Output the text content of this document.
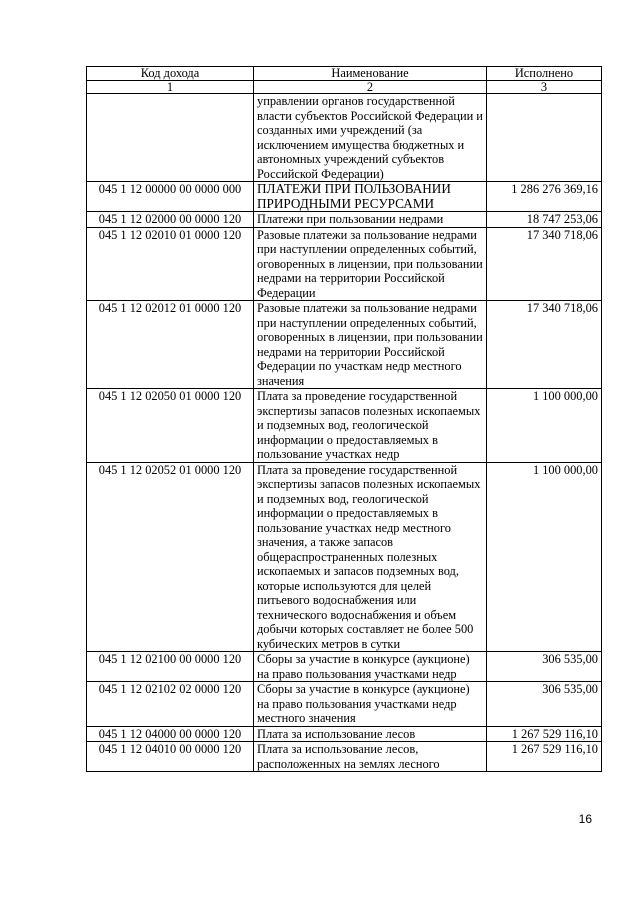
Код дохода	Наименование	Исполнено
1	2	3
	управлении органов государственной власти субъектов Российской Федерации и созданных ими учреждений (за исключением имущества бюджетных и автономных учреждений субъектов Российской Федерации)	
045 1 12 00000 00 0000 000	ПЛАТЕЖИ ПРИ ПОЛЬЗОВАНИИ ПРИРОДНЫМИ РЕСУРСАМИ	1 286 276 369,16
045 1 12 02000 00 0000 120	Платежи при пользовании недрами	18 747 253,06
045 1 12 02010 01 0000 120	Разовые платежи за пользование недрами при наступлении определенных событий, оговоренных в лицензии, при пользовании недрами на территории Российской Федерации	17 340 718,06
045 1 12 02012 01 0000 120	Разовые платежи за пользование недрами при наступлении определенных событий, оговоренных в лицензии, при пользовании недрами на территории Российской Федерации по участкам недр местного значения	17 340 718,06
045 1 12 02050 01 0000 120	Плата за проведение государственной экспертизы запасов полезных ископаемых и подземных вод, геологической информации о предоставляемых в пользование участках недр	1 100 000,00
045 1 12 02052 01 0000 120	Плата за проведение государственной экспертизы запасов полезных ископаемых и подземных вод, геологической информации о предоставляемых в пользование участках недр местного значения, а также запасов общераспространенных полезных ископаемых и запасов подземных вод, которые используются для целей питьевого водоснабжения или технического водоснабжения и объем добычи которых составляет не более 500 кубических метров в сутки	1 100 000,00
045 1 12 02100 00 0000 120	Сборы за участие в конкурсе (аукционе) на право пользования участками недр	306 535,00
045 1 12 02102 02 0000 120	Сборы за участие в конкурсе (аукционе) на право пользования участками недр местного значения	306 535,00
045 1 12 04000 00 0000 120	Плата за использование лесов	1 267 529 116,10
045 1 12 04010 00 0000 120	Плата за использование лесов, расположенных на землях лесного	1 267 529 116,10
16
